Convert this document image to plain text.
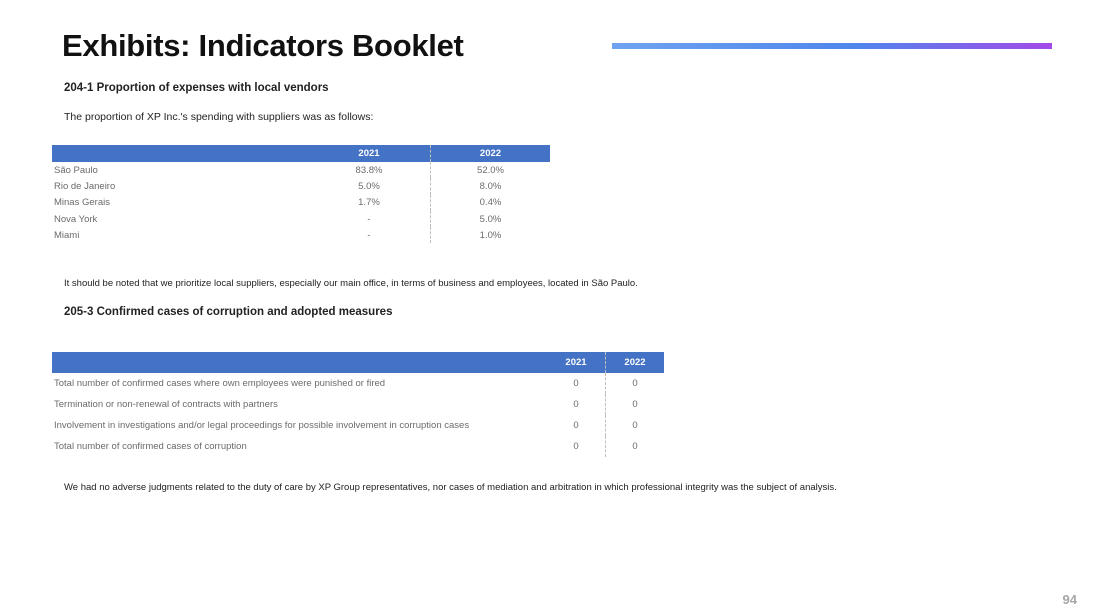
Exhibits: Indicators Booklet
204-1 Proportion of expenses with local vendors
The proportion of XP Inc.'s spending with suppliers was as follows:
	2021	2022
São Paulo	83.8%	52.0%
Rio de Janeiro	5.0%	8.0%
Minas Gerais	1.7%	0.4%
Nova York	-	5.0%
Miami	-	1.0%
It should be noted that we prioritize local suppliers, especially our main office, in terms of business and employees, located in São Paulo.
205-3 Confirmed cases of corruption and adopted measures
	2021	2022
Total number of confirmed cases where own employees were punished or fired	0	0
Termination or non-renewal of contracts with partners	0	0
Involvement in investigations and/or legal proceedings for possible involvement in corruption cases	0	0
Total number of confirmed cases of corruption	0	0
We had no adverse judgments related to the duty of care by XP Group representatives, nor cases of mediation and arbitration in which professional integrity was the subject of analysis.
94
